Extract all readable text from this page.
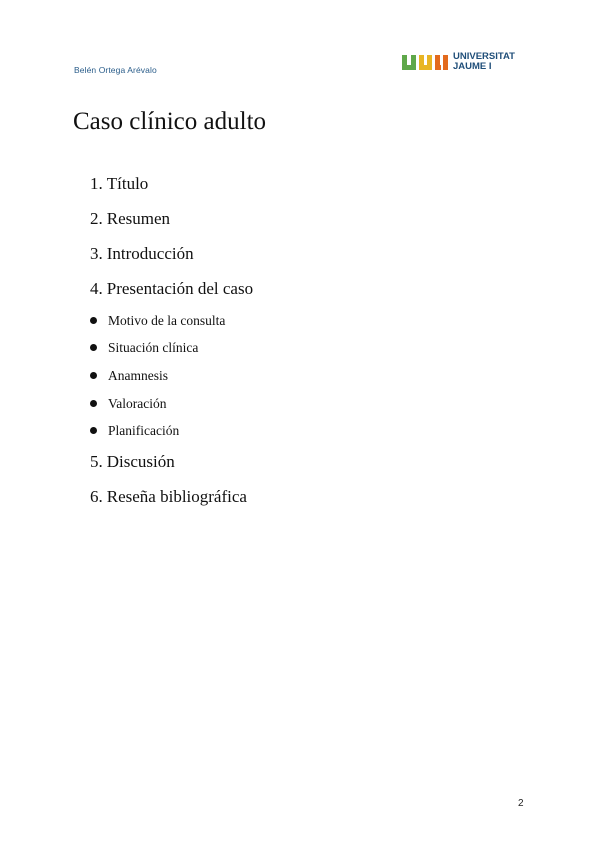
Belén Ortega Arévalo
UNIVERSITAT
JAUME I
Caso clínico adulto
1. Título
2. Resumen
3. Introducción
4. Presentación del caso
Motivo de la consulta
Situación clínica
Anamnesis
Valoración
Planificación
5. Discusión
6. Reseña bibliográfica
2
